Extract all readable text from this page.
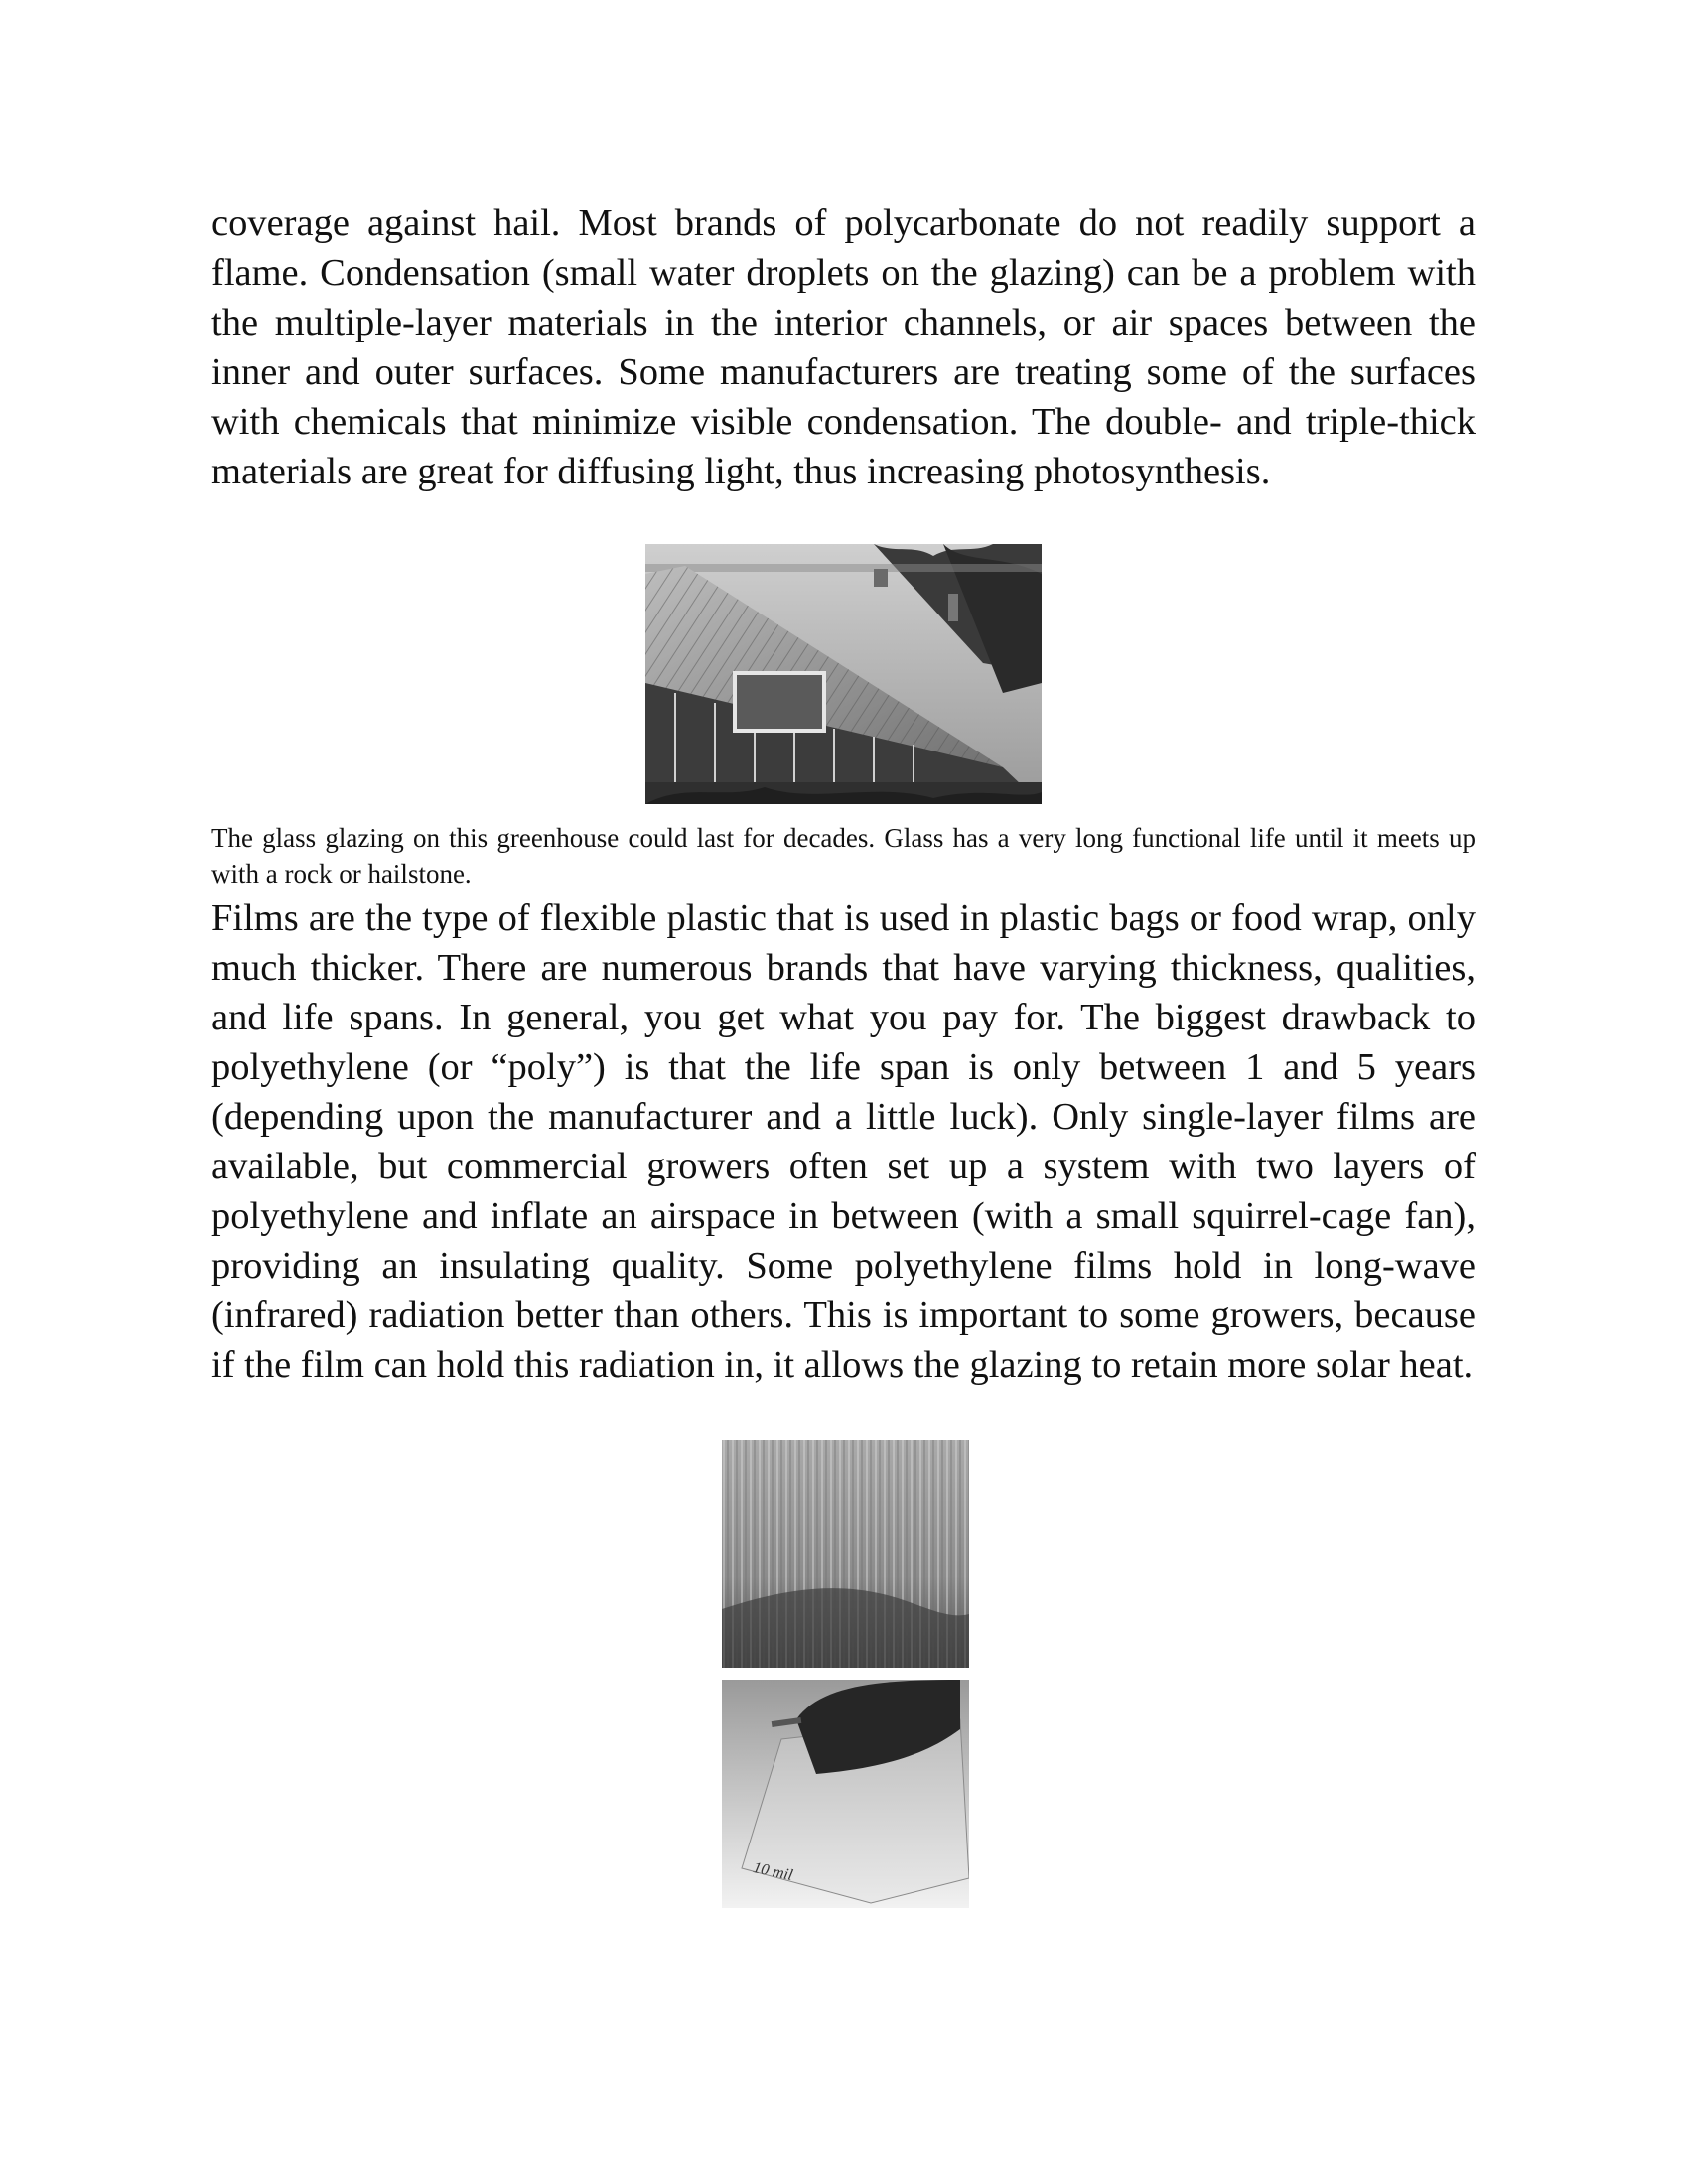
coverage against hail. Most brands of polycarbonate do not readily support a flame. Condensation (small water droplets on the glazing) can be a problem with the multiple-layer materials in the interior channels, or air spaces between the inner and outer surfaces. Some manufacturers are treating some of the surfaces with chemicals that minimize visible condensation. The double- and triple-thick materials are great for diffusing light, thus increasing photosynthesis.

The glass glazing on this greenhouse could last for decades. Glass has a very long functional life until it meets up with a rock or hailstone.

Films are the type of flexible plastic that is used in plastic bags or food wrap, only much thicker. There are numerous brands that have varying thickness, qualities, and life spans. In general, you get what you pay for. The biggest drawback to polyethylene (or “poly”) is that the life span is only between 1 and 5 years (depending upon the manufacturer and a little luck). Only single-layer films are available, but commercial growers often set up a system with two layers of polyethylene and inflate an airspace in between (with a small squirrel-cage fan), providing an insulating quality. Some polyethylene films hold in long-wave (infrared) radiation better than others. This is important to some growers, because if the film can hold this radiation in, it allows the glazing to retain more solar heat.

10 mil
